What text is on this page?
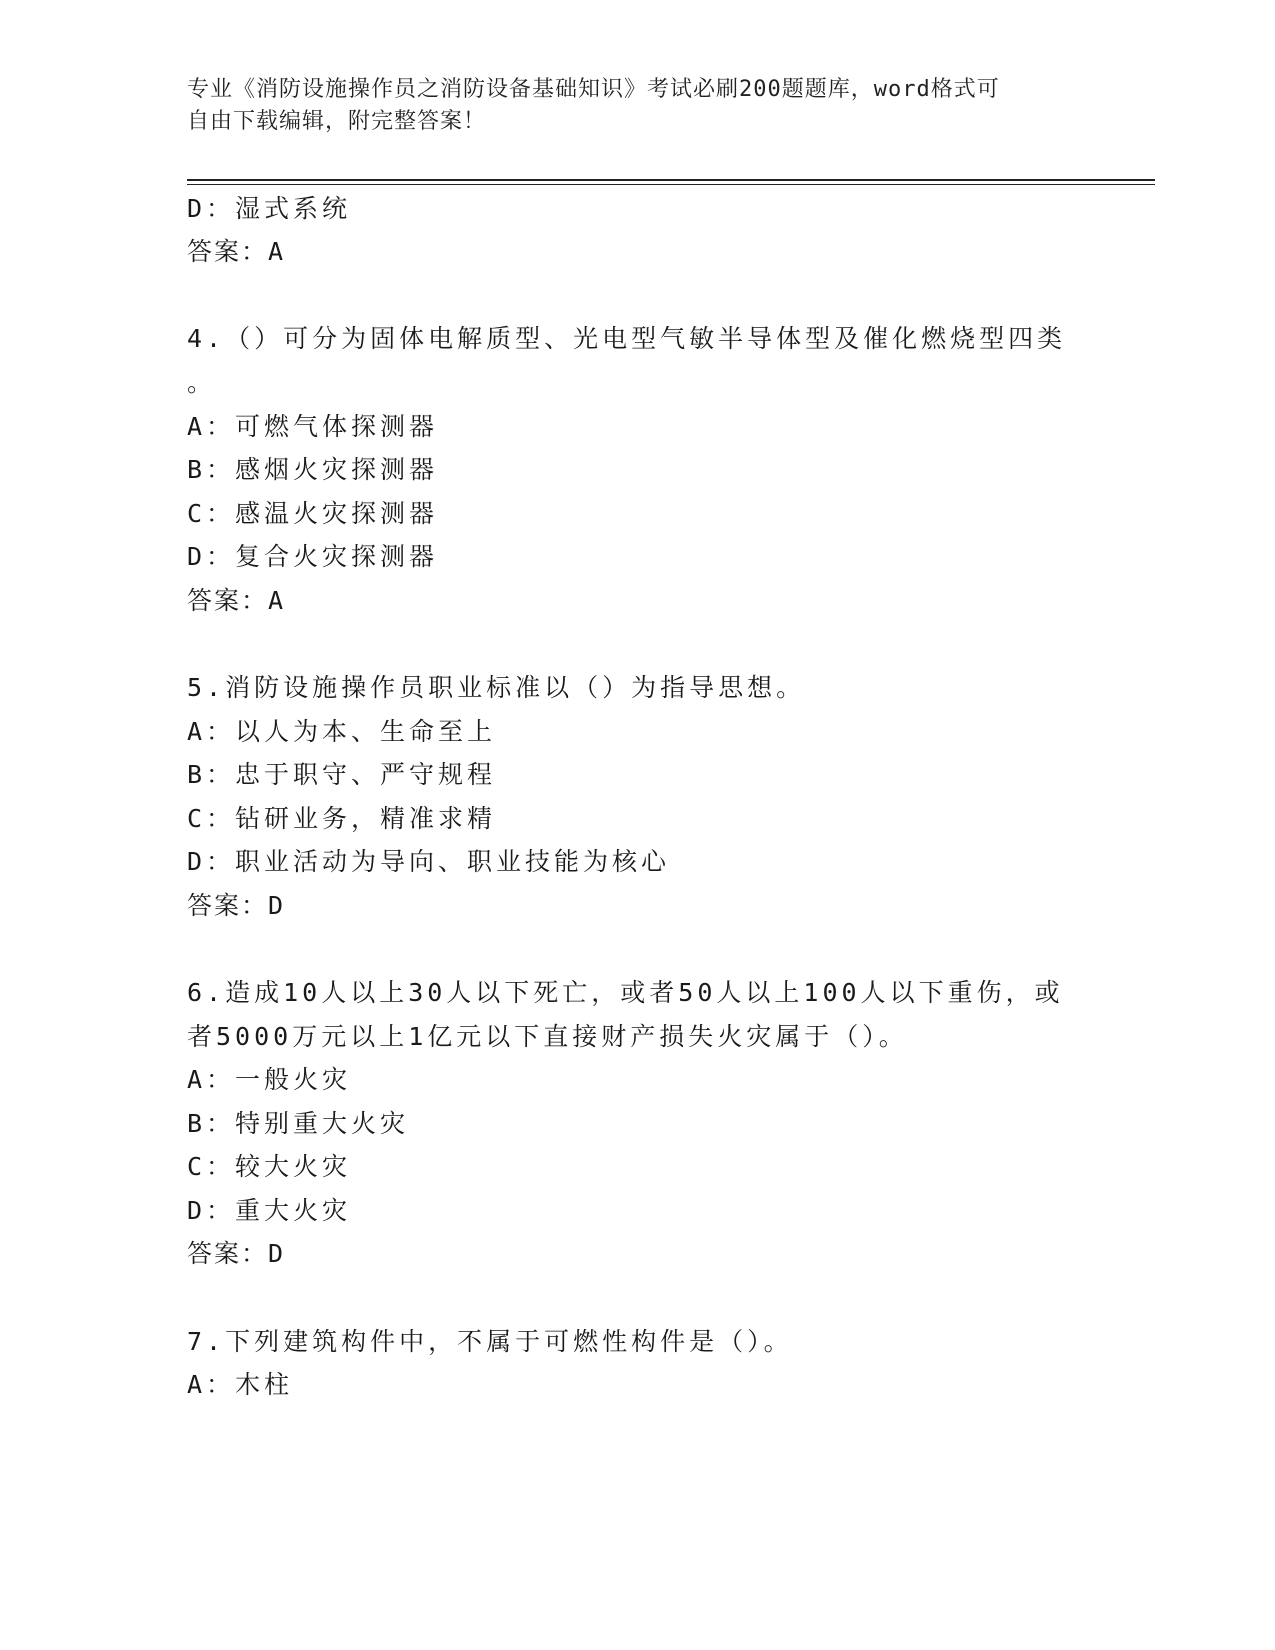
专业《消防设施操作员之消防设备基础知识》考试必刷200题题库，word格式可
自由下载编辑，附完整答案！
D：湿式系统
答案：A
4.（）可分为固体电解质型、光电型气敏半导体型及催化燃烧型四类
。
A：可燃气体探测器
B：感烟火灾探测器
C：感温火灾探测器
D：复合火灾探测器
答案：A
5.消防设施操作员职业标准以（）为指导思想。
A：以人为本、生命至上
B：忠于职守、严守规程
C：钻研业务，精准求精
D：职业活动为导向、职业技能为核心
答案：D
6.造成10人以上30人以下死亡，或者50人以上100人以下重伤，或
者5000万元以上1亿元以下直接财产损失火灾属于（）。
A：一般火灾
B：特别重大火灾
C：较大火灾
D：重大火灾
答案：D
7.下列建筑构件中，不属于可燃性构件是（）。
A：木柱
